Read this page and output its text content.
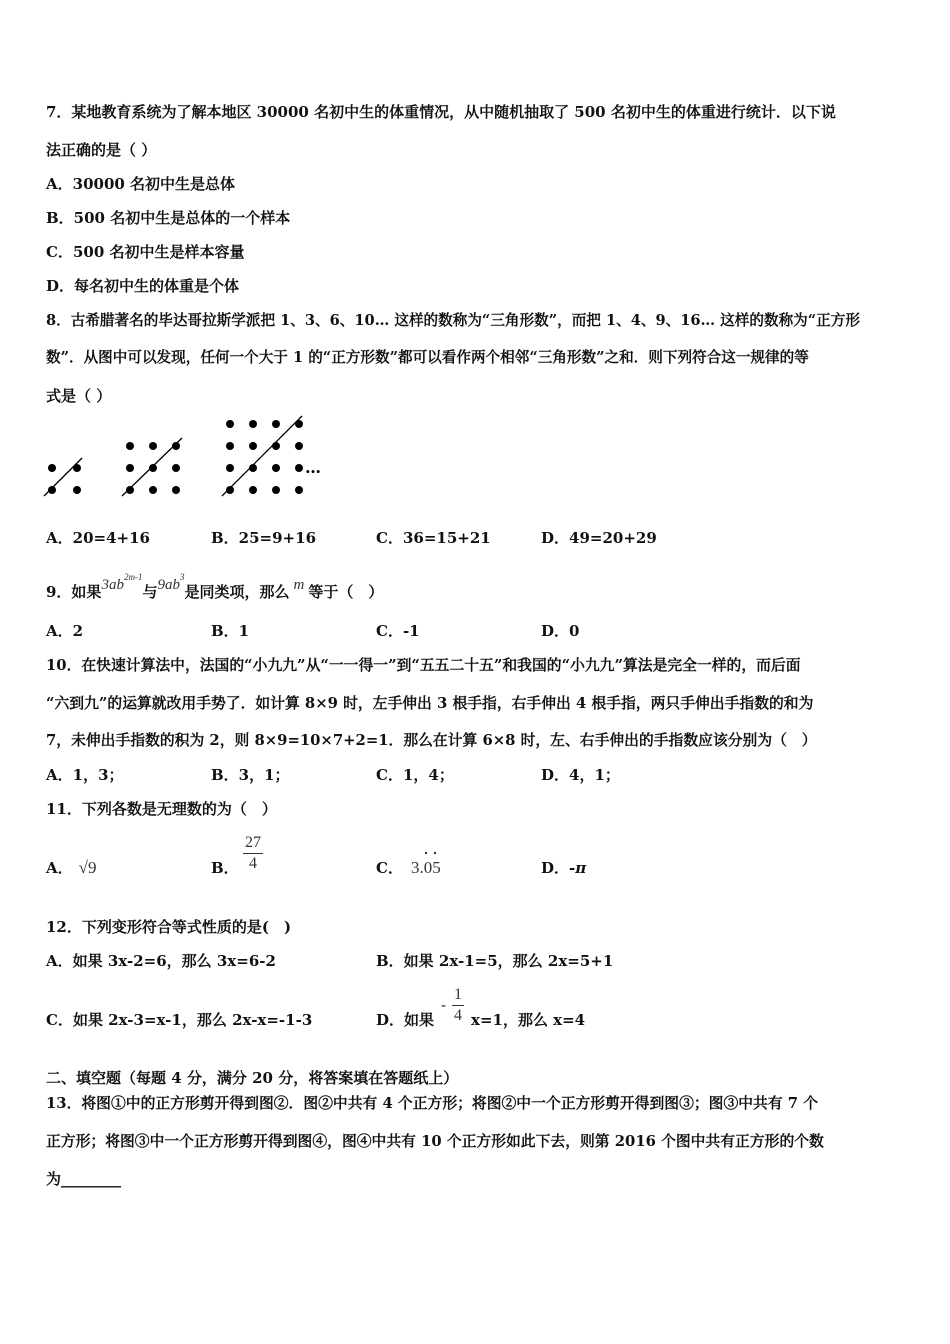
7．某地教育系统为了解本地区 30000 名初中生的体重情况，从中随机抽取了 500 名初中生的体重进行统计．以下说
法正确的是（ ）
A．30000 名初中生是总体
B．500 名初中生是总体的一个样本
C．500 名初中生是样本容量
D．每名初中生的体重是个体
8．古希腊著名的毕达哥拉斯学派把 1、3、6、10… 这样的数称为“三角形数”，而把 1、4、9、16… 这样的数称为“正方形
数”．从图中可以发现，任何一个大于 1 的“正方形数”都可以看作两个相邻“三角形数”之和．则下列符合这一规律的等
式是（ ）
…
A．20=4+16	B．25=9+16	C．36=15+21	D．49=20+29
9．如果$3ab^{2m-1}$与$9ab^3$是同类项，那么 m 等于（　）
A．2	B．1	C．-1	D．0
10．在快速计算法中，法国的“小九九”从“一一得一”到“五五二十五”和我国的“小九九”算法是完全一样的，而后面
“六到九”的运算就改用手势了．如计算 8×9 时，左手伸出 3 根手指，右手伸出 4 根手指，两只手伸出手指数的和为
7，未伸出手指数的积为 2，则 8×9=10×7+2=1．那么在计算 6×8 时，左、右手伸出的手指数应该分别为（　）
A．1，3；	B．3，1；	C．1，4；	D．4，1；
11．下列各数是无理数的为（　）
A． √9	B． $\frac{27}{4}$	C． 3.05	D．-π
12．下列变形符合等式性质的是(　)
A．如果 3x-2=6，那么 3x=6-2	B．如果 2x-1=5，那么 2x=5+1
C．如果 2x-3=x-1，那么 2x-x=-1-3	D．如果
- $\frac{1}{4} x=1$，那么 x=4
二、填空题（每题 4 分，满分 20 分，将答案填在答题纸上）
13．将图①中的正方形剪开得到图②．图②中共有 4 个正方形；将图②中一个正方形剪开得到图③；图③中共有 7 个
正方形；将图③中一个正方形剪开得到图④，图④中共有 10 个正方形如此下去，则第 2016 个图中共有正方形的个数
为________
